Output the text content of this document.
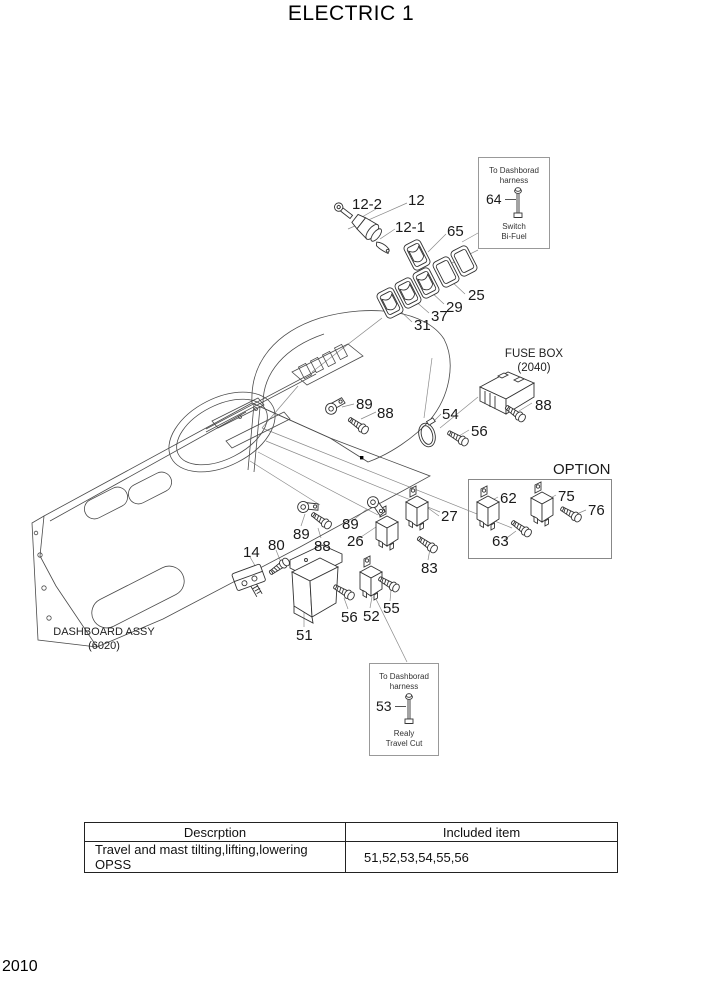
ELECTRIC 1
12-2 12
12-1 65
25
29
37
31
88
89
88	54
56
62	75
76
63
89
26
27
83
89
88
80
14
51
56 52 55
FUSE BOX
(2040)
OPTION
DASHBOARD ASSY
(6020)
To Dashborad
harness
64
Switch
Bi-Fuel
To Dashborad
harness
53
Realy
Travel Cut
Descrption	Included item
Travel and mast tilting,lifting,lowering OPSS	51,52,53,54,55,56
2010
